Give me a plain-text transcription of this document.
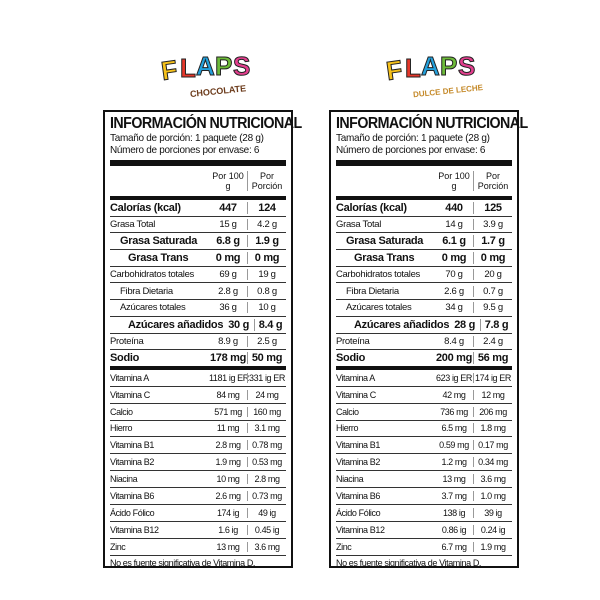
F L A P S
CHOCOLATE
F L A P S
DULCE DE LECHE
INFORMACIÓN NUTRICIONAL
Tamaño de porción: 1 paquete (28 g)
Número de porciones por envase: 6
Por 100 g
Por Porción
Calorías (kcal)	447	124
Grasa Total	15 g	4.2 g
Grasa Saturada	6.8 g	1.9 g
Grasa Trans	0 mg	0 mg
Carbohidratos totales	69 g	19 g
Fibra Dietaria	2.8 g	0.8 g
Azúcares totales	36 g	10 g
Azúcares añadidos 30 g 8.4 g
Proteína	8.9 g	2.5 g
Sodio	178 mg 50 mg
Vitamina A	1181 ig ER 331 ig ER
Vitamina C	84 mg	24 mg
Calcio	571 mg	160 mg
Hierro	11 mg	3.1 mg
Vitamina B1	2.8 mg	0.78 mg
Vitamina B2	1.9 mg	0.53 mg
Niacina	10 mg	2.8 mg
Vitamina B6	2.6 mg	0.73 mg
Ácido Fólico	174 ig	49 ig
Vitamina B12	1.6 ig	0.45 ig
Zinc	13 mg	3.6 mg
No es fuente significativa de Vitamina D.
INFORMACIÓN NUTRICIONAL
Tamaño de porción: 1 paquete (28 g)
Número de porciones por envase: 6
Por 100 g
Por Porción
Calorías (kcal)	440	125
Grasa Total	14 g	3.9 g
Grasa Saturada	6.1 g	1.7 g
Grasa Trans	0 mg	0 mg
Carbohidratos totales	70 g	20 g
Fibra Dietaria	2.6 g	0.7 g
Azúcares totales	34 g	9.5 g
Azúcares añadidos 28 g 7.8 g
Proteína	8.4 g	2.4 g
Sodio	200 mg 56 mg
Vitamina A	623 ig ER 174 ig ER
Vitamina C	42 mg	12 mg
Calcio	736 mg	206 mg
Hierro	6.5 mg	1.8 mg
Vitamina B1	0.59 mg	0.17 mg
Vitamina B2	1.2 mg	0.34 mg
Niacina	13 mg	3.6 mg
Vitamina B6	3.7 mg	1.0 mg
Ácido Fólico	138 ig	39 ig
Vitamina B12	0.86 ig	0.24 ig
Zinc	6.7 mg	1.9 mg
No es fuente significativa de Vitamina D.
